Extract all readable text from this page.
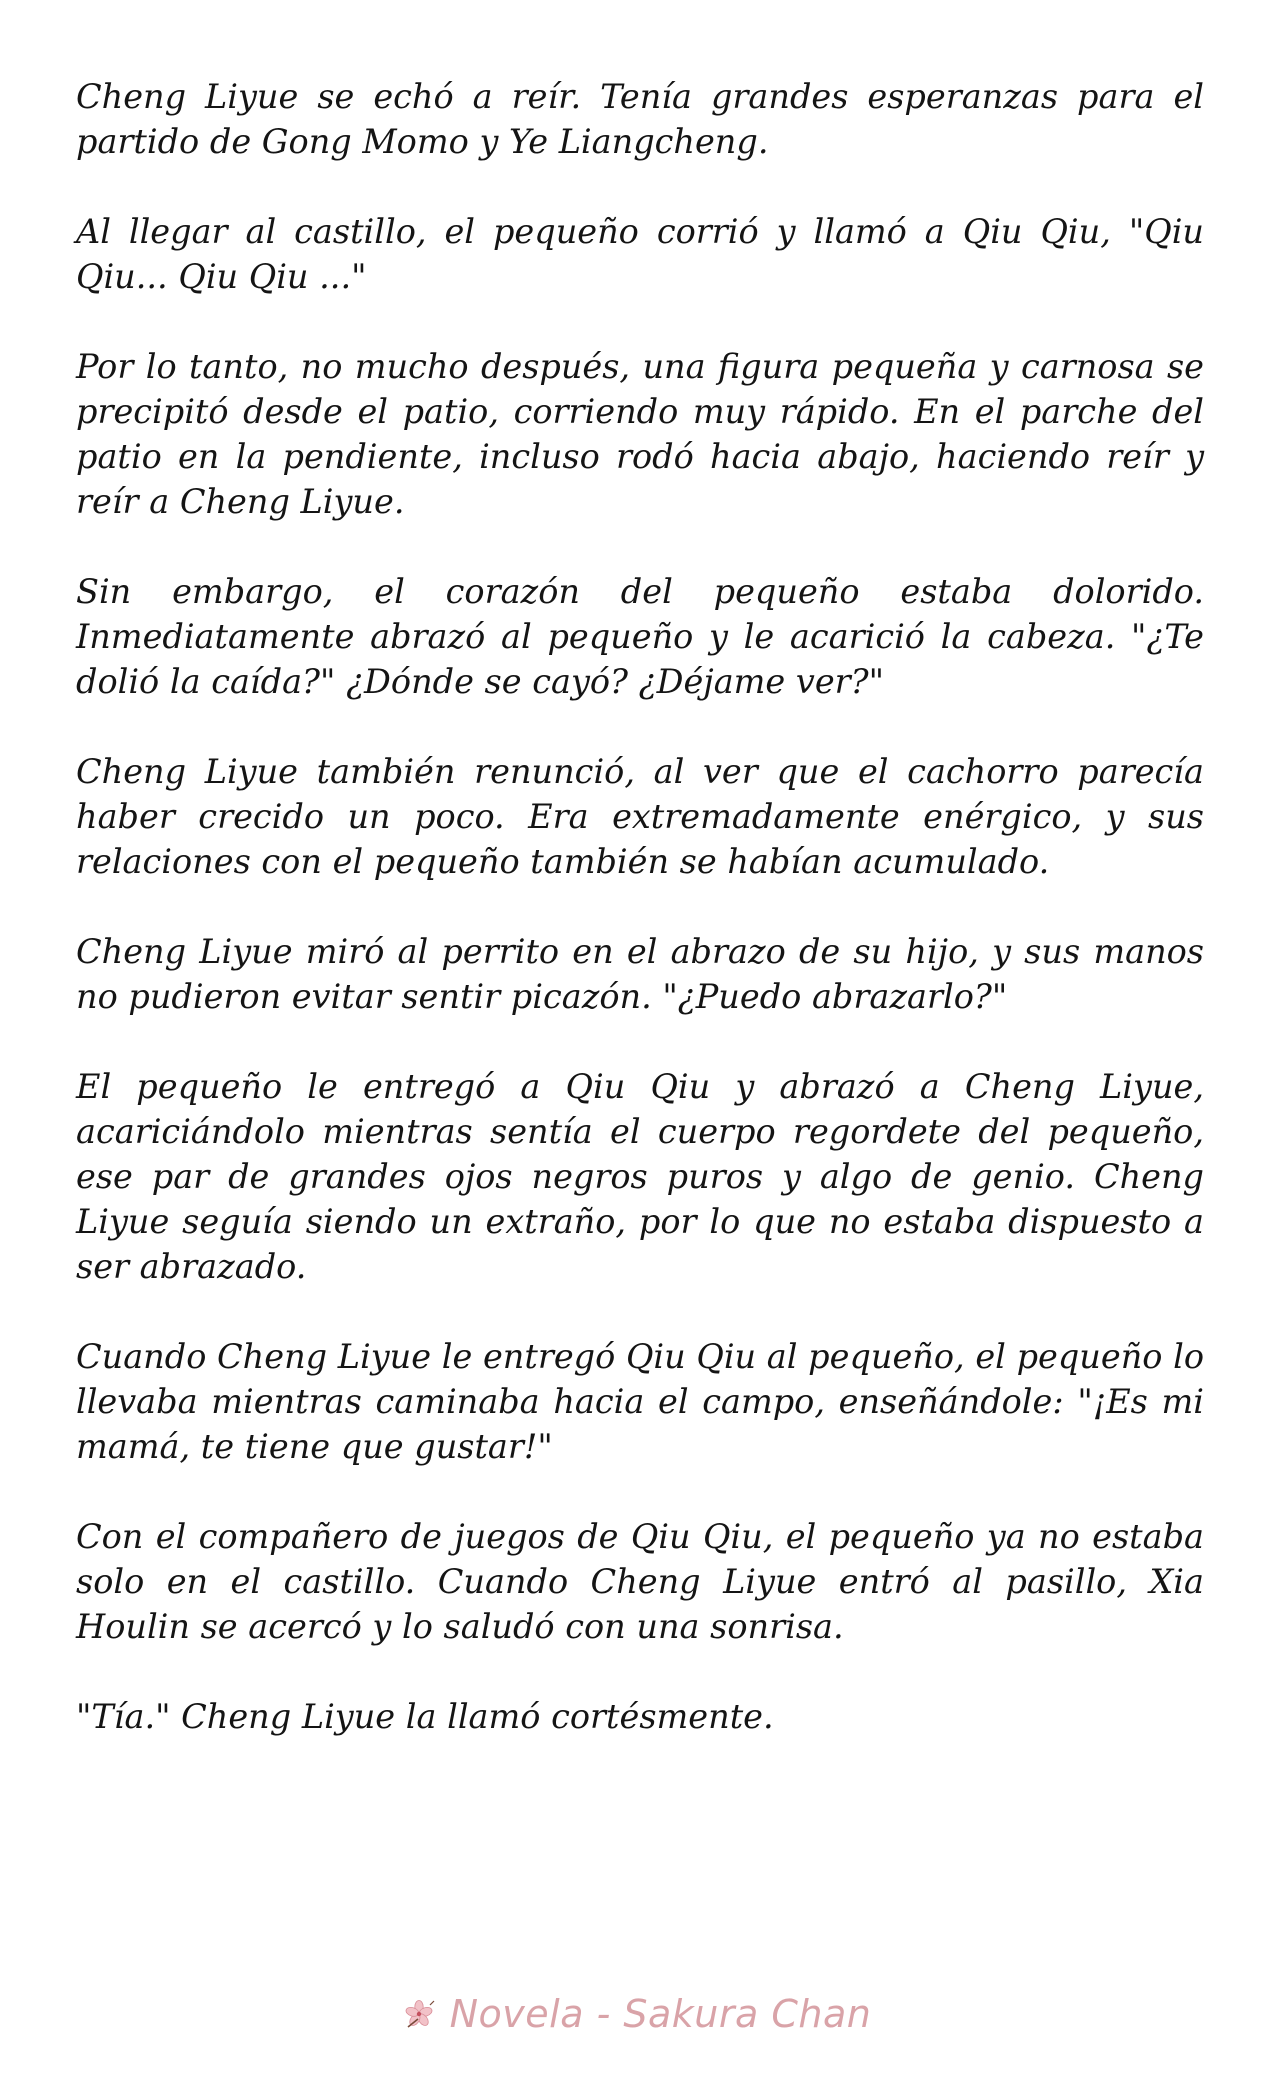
Cheng Liyue se echó a reír. Tenía grandes esperanzas para el partido de Gong Momo y Ye Liangcheng.

Al llegar al castillo, el pequeño corrió y llamó a Qiu Qiu, "Qiu Qiu... Qiu Qiu ..."

Por lo tanto, no mucho después, una figura pequeña y carnosa se precipitó desde el patio, corriendo muy rápido. En el parche del patio en la pendiente, incluso rodó hacia abajo, haciendo reír y reír a Cheng Liyue.

Sin embargo, el corazón del pequeño estaba dolorido. Inmediatamente abrazó al pequeño y le acarició la cabeza. "¿Te dolió la caída?" ¿Dónde se cayó? ¿Déjame ver?"

Cheng Liyue también renunció, al ver que el cachorro parecía haber crecido un poco. Era extremadamente enérgico, y sus relaciones con el pequeño también se habían acumulado.

Cheng Liyue miró al perrito en el abrazo de su hijo, y sus manos no pudieron evitar sentir picazón. "¿Puedo abrazarlo?"

El pequeño le entregó a Qiu Qiu y abrazó a Cheng Liyue, acariciándolo mientras sentía el cuerpo regordete del pequeño, ese par de grandes ojos negros puros y algo de genio. Cheng Liyue seguía siendo un extraño, por lo que no estaba dispuesto a ser abrazado.

Cuando Cheng Liyue le entregó Qiu Qiu al pequeño, el pequeño lo llevaba mientras caminaba hacia el campo, enseñándole: "¡Es mi mamá, te tiene que gustar!"

Con el compañero de juegos de Qiu Qiu, el pequeño ya no estaba solo en el castillo. Cuando Cheng Liyue entró al pasillo, Xia Houlin se acercó y lo saludó con una sonrisa.

"Tía." Cheng Liyue la llamó cortésmente.

Novela - Sakura Chan
